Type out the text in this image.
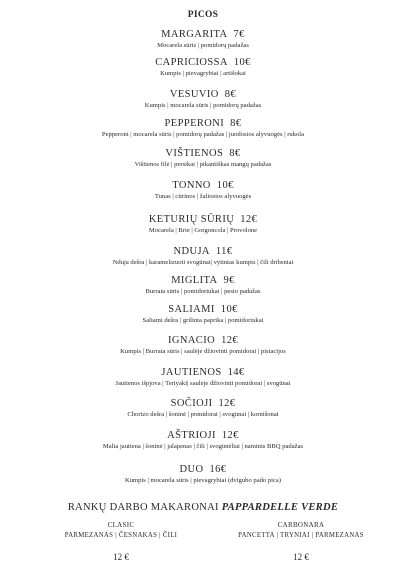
PICOS
MARGARITA 7€
Mocarela sūris | pomidorų padažas
CAPRICIOSSA 10€
Kumpis | pievagrybiai | artišokai
VESUVIO 8€
Kumpis | mocarela sūris | pomidorų padažas
PEPPERONI 8€
Pepperoni | mocarela sūris | pomidorų padažas | juodosios alyvuogės | rukola
VIŠTIENOS 8€
Vištienos filė | persikai | pikantiškas mangų padažas
TONNO 10€
Tunas | citrinos | žaliosios alyvuogės
KETURIŲ SŪRIŲ 12€
Mocarela | Brie | Gorgoncola | Provolone
NDUJA 11€
Nduja dešra | karamelizuoti svogūnai| vytintas kumpis | čili dribsniai
MIGLITA 9€
Burrata sūris | pomidoriukai | pesto padažas
SALIAMI 10€
Saliami dešra | grilinta paprika | pomidoriukai
IGNACIO 12€
Kumpis | Burrata sūris | saulėje džiovinti pomidorai | pistacijos
JAUTIENOS 14€
Jautienos išpjova | Teriyaki| saulėje džiovinti pomidorai | svogūnai
SOČIOJI 12€
Chorizo dešra | šoninė | pomidorai | svogūnai | kornišonai
AŠTRIOJI 12€
Malta jautiena | šoninė | jalapenas | čili | svogūnėliai | naminis BBQ padažas
DUO 16€
Kumpis | mocarela sūris | pievagrybiai (dvigubo pado pica)
RANKŲ DARBO MAKARONAI PAPPARDELLE VERDE
CLASIC
PARMEZANAS | ČESNAKAS | ČILI
12 €
CARBONARA
PANCETTA | TRYNIAI | PARMEZANAS
12 €
